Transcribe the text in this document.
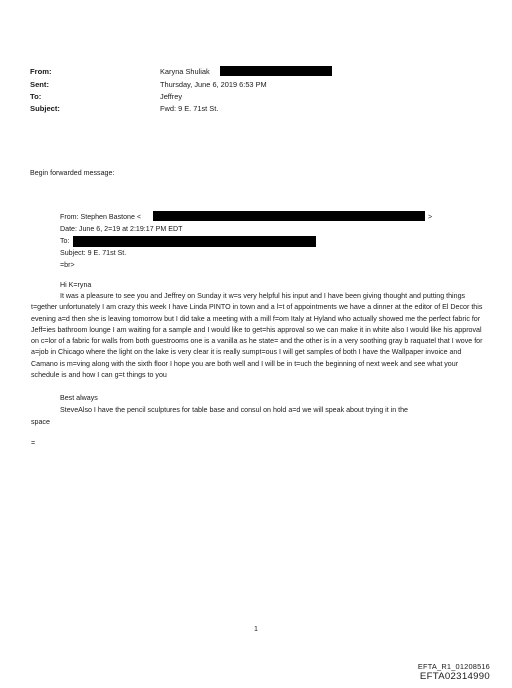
From:
Sent:
To:
Subject:
Karyna Shuliak
Thursday, June 6, 2019 6:53 PM
Jeffrey
Fwd: 9 E. 71st St.
Begin forwarded message:
From: Stephen Bastone <	>
Date: June 6, 2=19 at 2:19:17 PM EDT
To:
Subject: 9 E. 71st St.
=br>
Hi K=ryna
It was a pleasure to see you and Jeffrey on Sunday it w=s very helpful his input and I have been giving thought and putting things t=gether unfortunately I am crazy this week I have Linda PINTO in town and a l=t of appointments we have a dinner at the editor of El Decor this evening a=d then she is leaving tomorrow but I did take a meeting with a mill f=om Italy at Hyland who actually showed me the perfect fabric for Jeff=ies bathroom lounge I am waiting for a sample and I would like to get=his approval so we can make it in white also I would like his approval on c=lor of a fabric for walls from both guestrooms one is a vanilla as he state= and the other is in a very soothing gray b raquatel that I wove for a=job in Chicago where the light on the lake is very clear it is really sumpt=ous I will get samples of both I have the Wallpaper invoice and Camano is m=ving along with the sixth floor I hope you are both well and I will be in t=uch the beginning of next week and see what your schedule is and how I can g=t things to you
Best always
SteveAlso I have the pencil sculptures for table base and consul on hold a=d we will speak about trying it in the
space
=
1
EFTA_R1_01208516
EFTA02314990
